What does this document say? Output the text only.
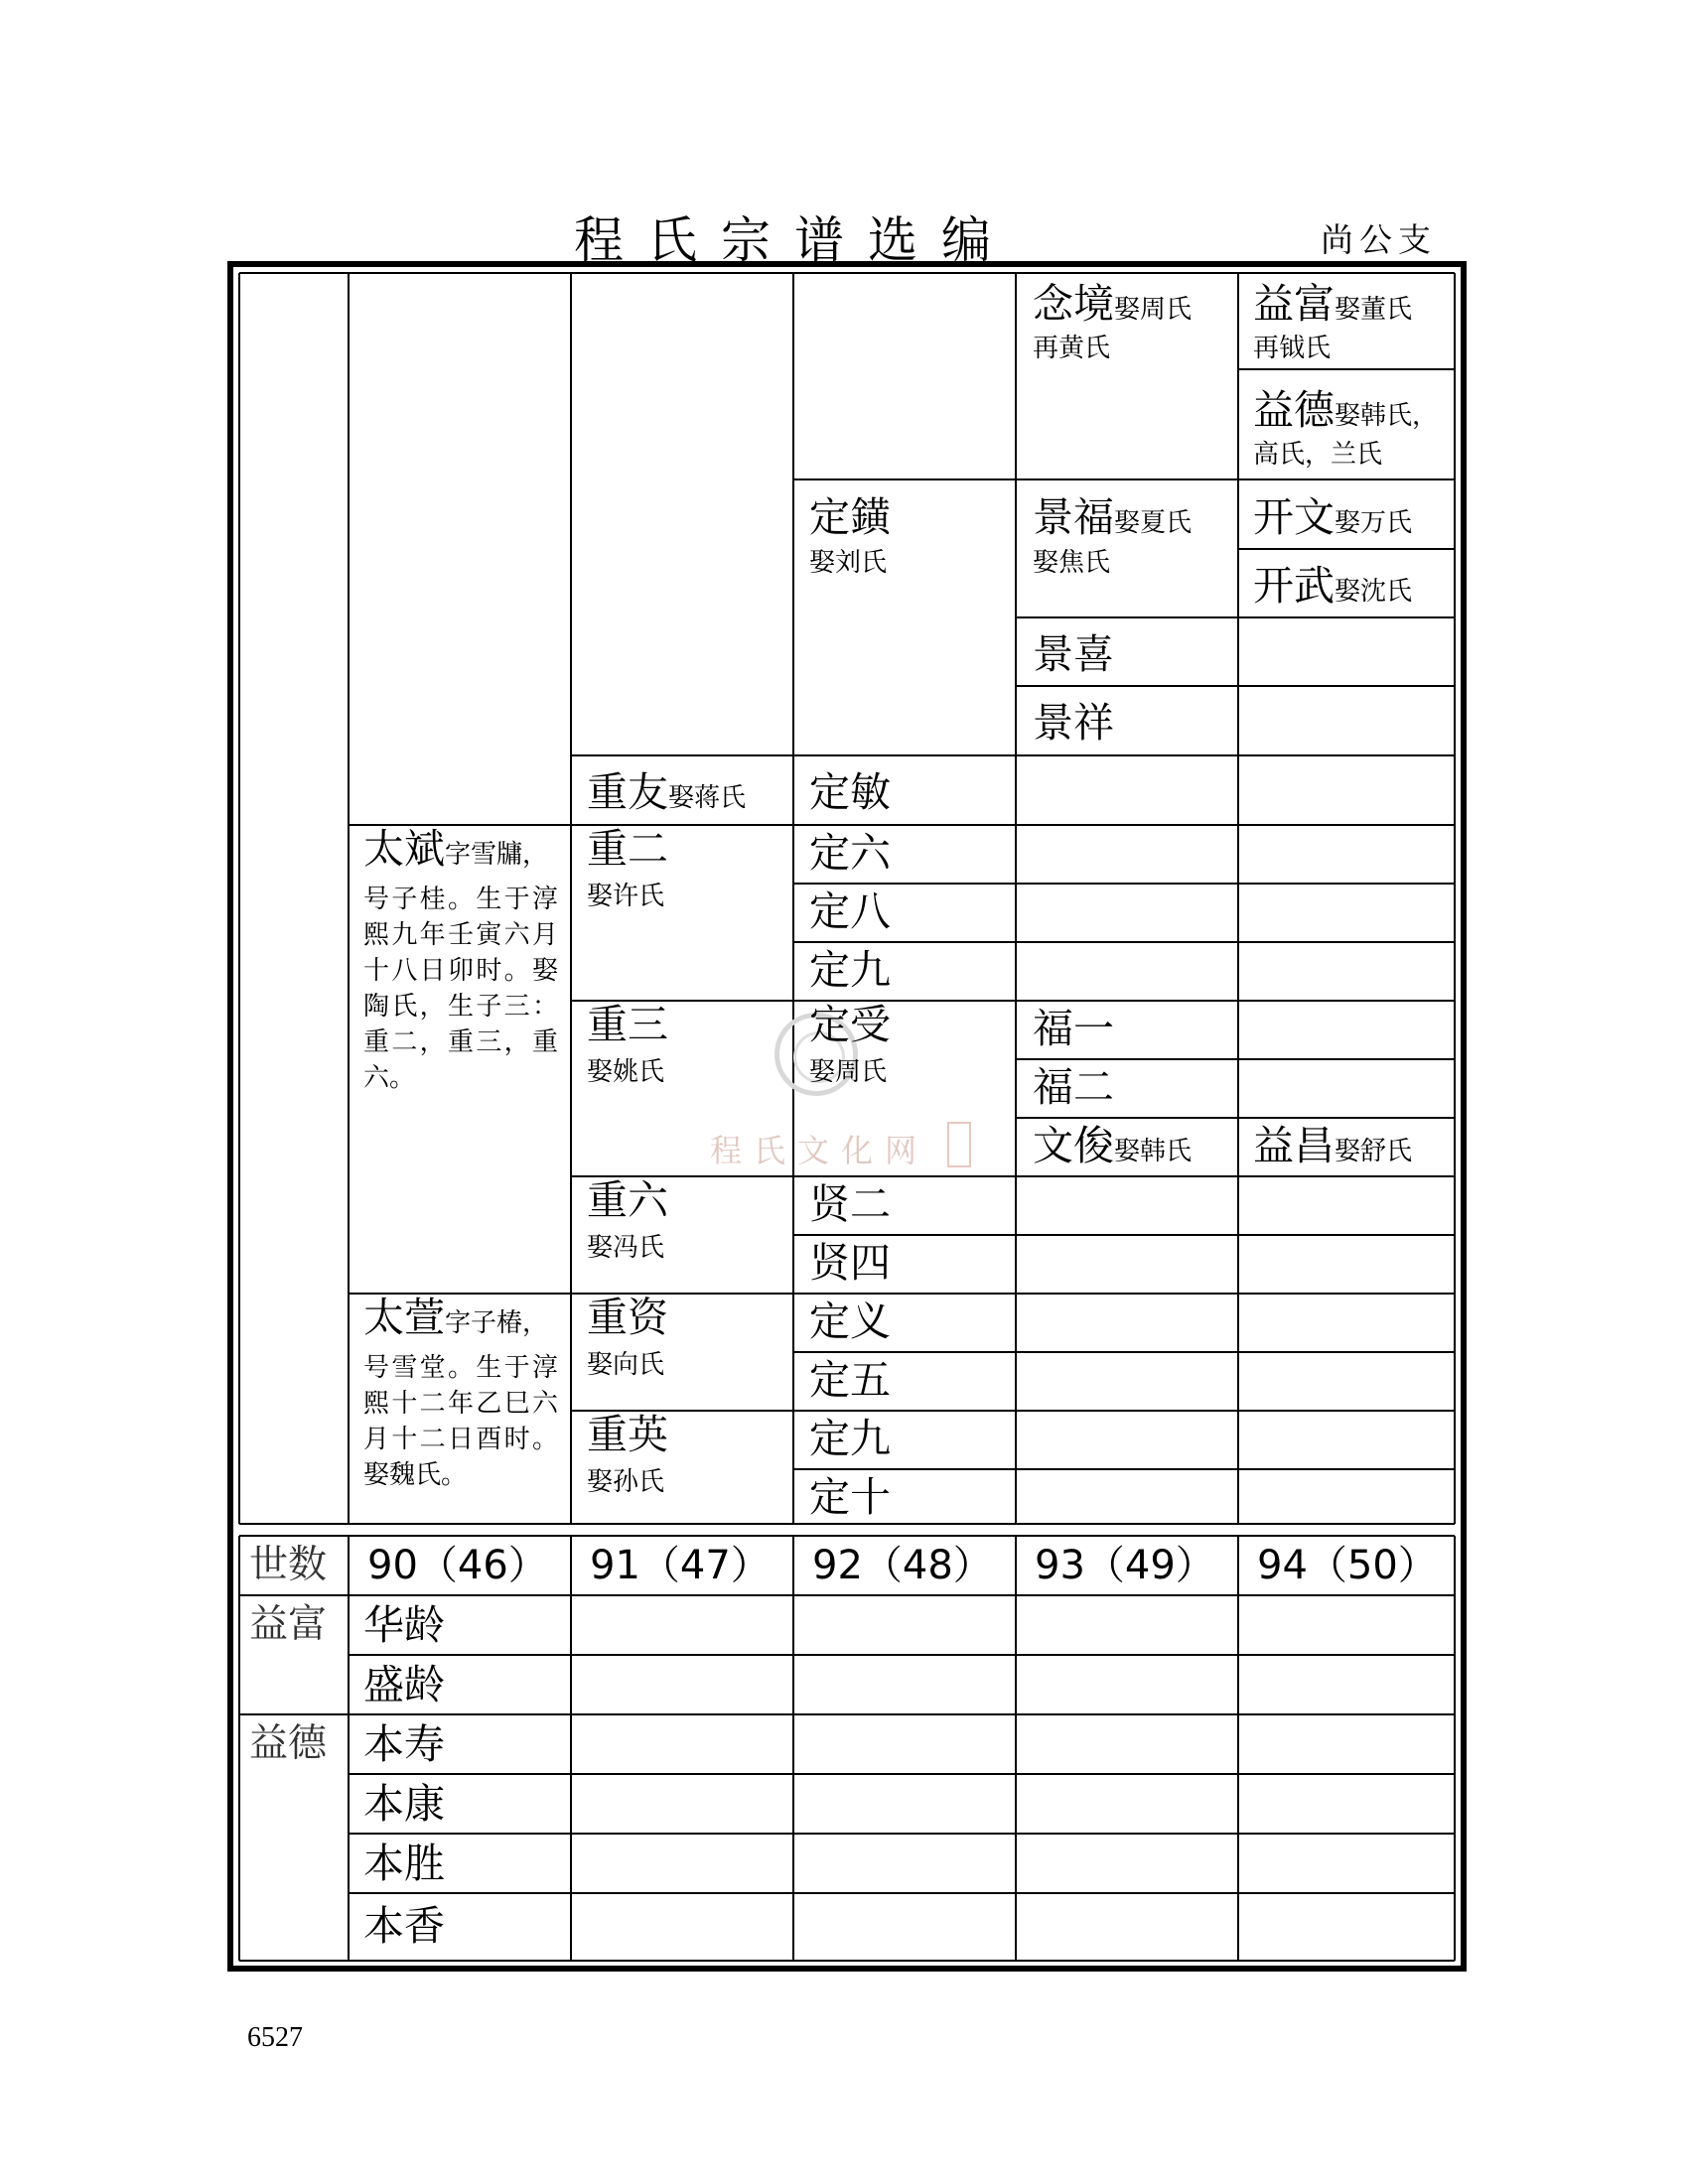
程氏宗谱选编	尚公支
程氏文化网
念境娶周氏
再黄氏
益富娶董氏
再钺氏
益德娶韩氏，
高氏，兰氏
定鐄
娶刘氏
景福娶夏氏
娶焦氏
开文娶万氏
开武娶沈氏
景喜
景祥
重友娶蒋氏 定敏
太斌字雪牗，
号子桂。生于淳熙九年壬寅六月十八日卯时。娶陶氏，生子三：重二，重三，重六。
重二
娶许氏
定六
定八
定九
重三
娶姚氏
定受
娶周氏
福一
福二
文俊娶韩氏 益昌娶舒氏
重六
娶冯氏
贤二
贤四
太萱字子椿，
号雪堂。生于淳熙十二年乙巳六月十二日酉时。娶魏氏。
重资
娶向氏
定义
定五
重英
娶孙氏
定九
定十
世数 90（46） 91（47） 92（48） 93（49） 94（50）
益富 华龄
盛龄
益德 本寿
本康
本胜
本香
6527
